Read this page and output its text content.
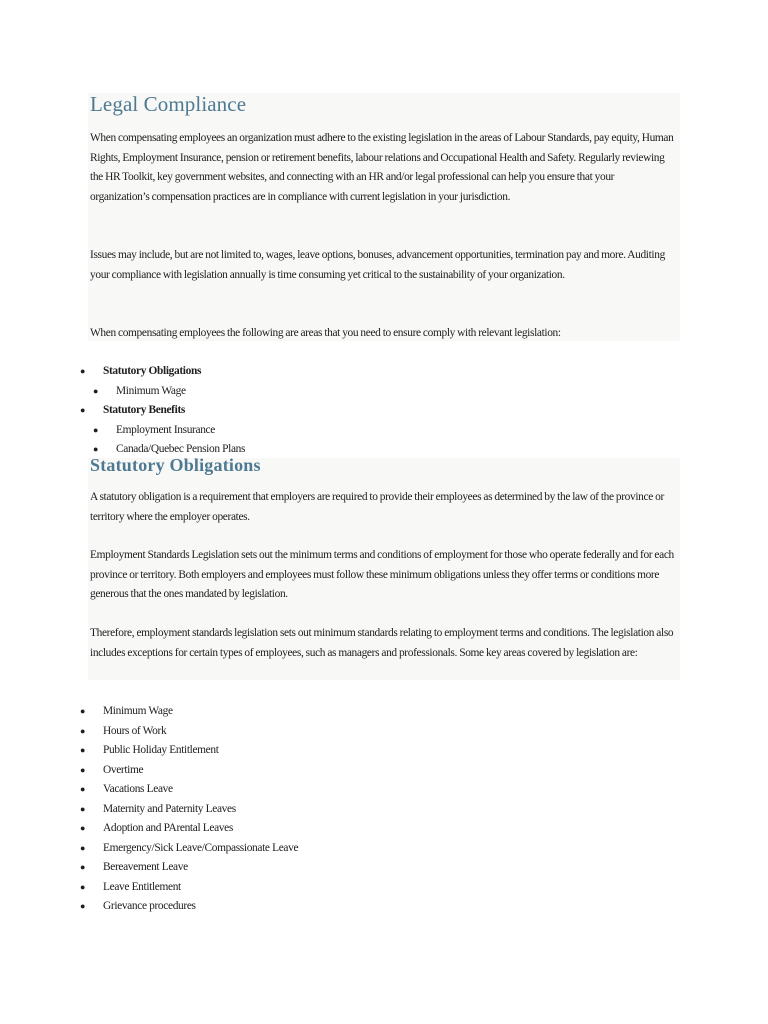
Legal Compliance

When compensating employees an organization must adhere to the existing legislation in the areas of Labour Standards, pay equity, Human Rights, Employment Insurance, pension or retirement benefits, labour relations and Occupational Health and Safety. Regularly reviewing the HR Toolkit, key government websites, and connecting with an HR and/or legal professional can help you ensure that your organization’s compensation practices are in compliance with current legislation in your jurisdiction.

Issues may include, but are not limited to, wages, leave options, bonuses, advancement opportunities, termination pay and more. Auditing your compliance with legislation annually is time consuming yet critical to the sustainability of your organization.

When compensating employees the following are areas that you need to ensure comply with relevant legislation:

● Statutory Obligations
● Minimum Wage
● Statutory Benefits
● Employment Insurance
● Canada/Quebec Pension Plans
Statutory Obligations

A statutory obligation is a requirement that employers are required to provide their employees as determined by the law of the province or territory where the employer operates.

Employment Standards Legislation sets out the minimum terms and conditions of employment for those who operate federally and for each province or territory. Both employers and employees must follow these minimum obligations unless they offer terms or conditions more generous that the ones mandated by legislation.

Therefore, employment standards legislation sets out minimum standards relating to employment terms and conditions. The legislation also includes exceptions for certain types of employees, such as managers and professionals. Some key areas covered by legislation are:

● Minimum Wage
● Hours of Work
● Public Holiday Entitlement
● Overtime
● Vacations Leave
● Maternity and Paternity Leaves
● Adoption and PArental Leaves
● Emergency/Sick Leave/Compassionate Leave
● Bereavement Leave
● Leave Entitlement
● Grievance procedures
